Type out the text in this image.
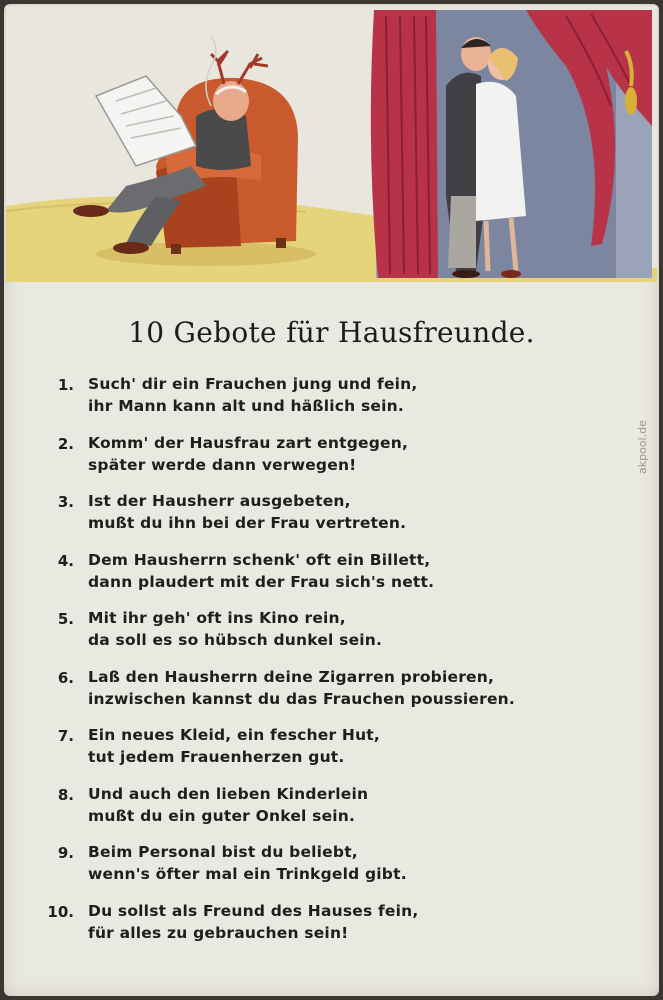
10 Gebote für Hausfreunde.
1. Such' dir ein Frauchen jung und fein,
ihr Mann kann alt und häßlich sein.
2. Komm' der Hausfrau zart entgegen,
später werde dann verwegen!
3. Ist der Hausherr ausgebeten,
mußt du ihn bei der Frau vertreten.
4. Dem Hausherrn schenk' oft ein Billett,
dann plaudert mit der Frau sich's nett.
5. Mit ihr geh' oft ins Kino rein,
da soll es so hübsch dunkel sein.
6. Laß den Hausherrn deine Zigarren probieren,
inzwischen kannst du das Frauchen poussieren.
7. Ein neues Kleid, ein fescher Hut,
tut jedem Frauenherzen gut.
8. Und auch den lieben Kinderlein
mußt du ein guter Onkel sein.
9. Beim Personal bist du beliebt,
wenn's öfter mal ein Trinkgeld gibt.
10. Du sollst als Freund des Hauses fein,
für alles zu gebrauchen sein!
akpool.de
